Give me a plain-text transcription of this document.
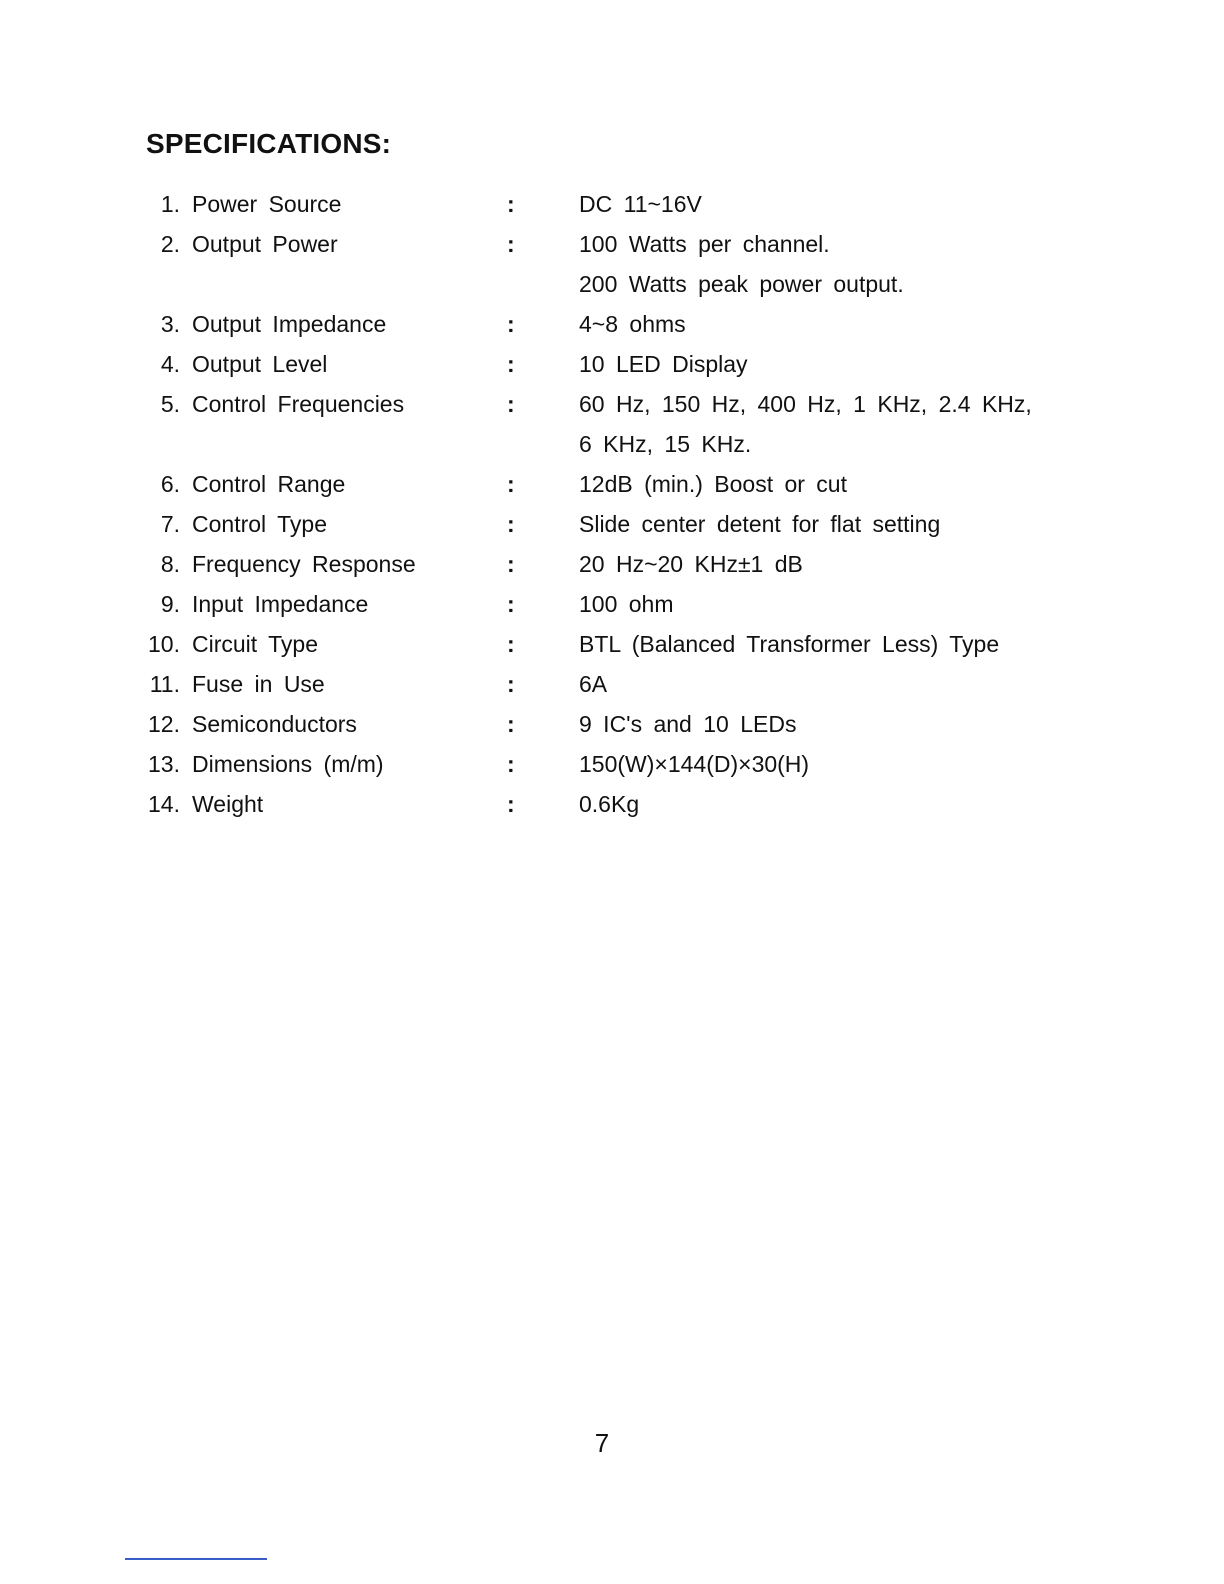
SPECIFICATIONS:
1. Power Source	:	DC 11~16V
2. Output Power	:	100 Watts per channel.
200 Watts peak power output.
3. Output Impedance	:	4~8 ohms
4. Output Level	:	10 LED Display
5. Control Frequencies	:	60 Hz, 150 Hz, 400 Hz, 1 KHz, 2.4 KHz,
6 KHz, 15 KHz.
6. Control Range	:	12dB (min.) Boost or cut
7. Control Type	:	Slide center detent for flat setting
8. Frequency Response	:	20 Hz~20 KHz±1 dB
9. Input Impedance	:	100 ohm
10. Circuit Type	:	BTL (Balanced Transformer Less) Type
11. Fuse in Use	:	6A
12. Semiconductors	:	9 IC's and 10 LEDs
13. Dimensions (m/m)	:	150(W)×144(D)×30(H)
14. Weight	:	0.6Kg
7
